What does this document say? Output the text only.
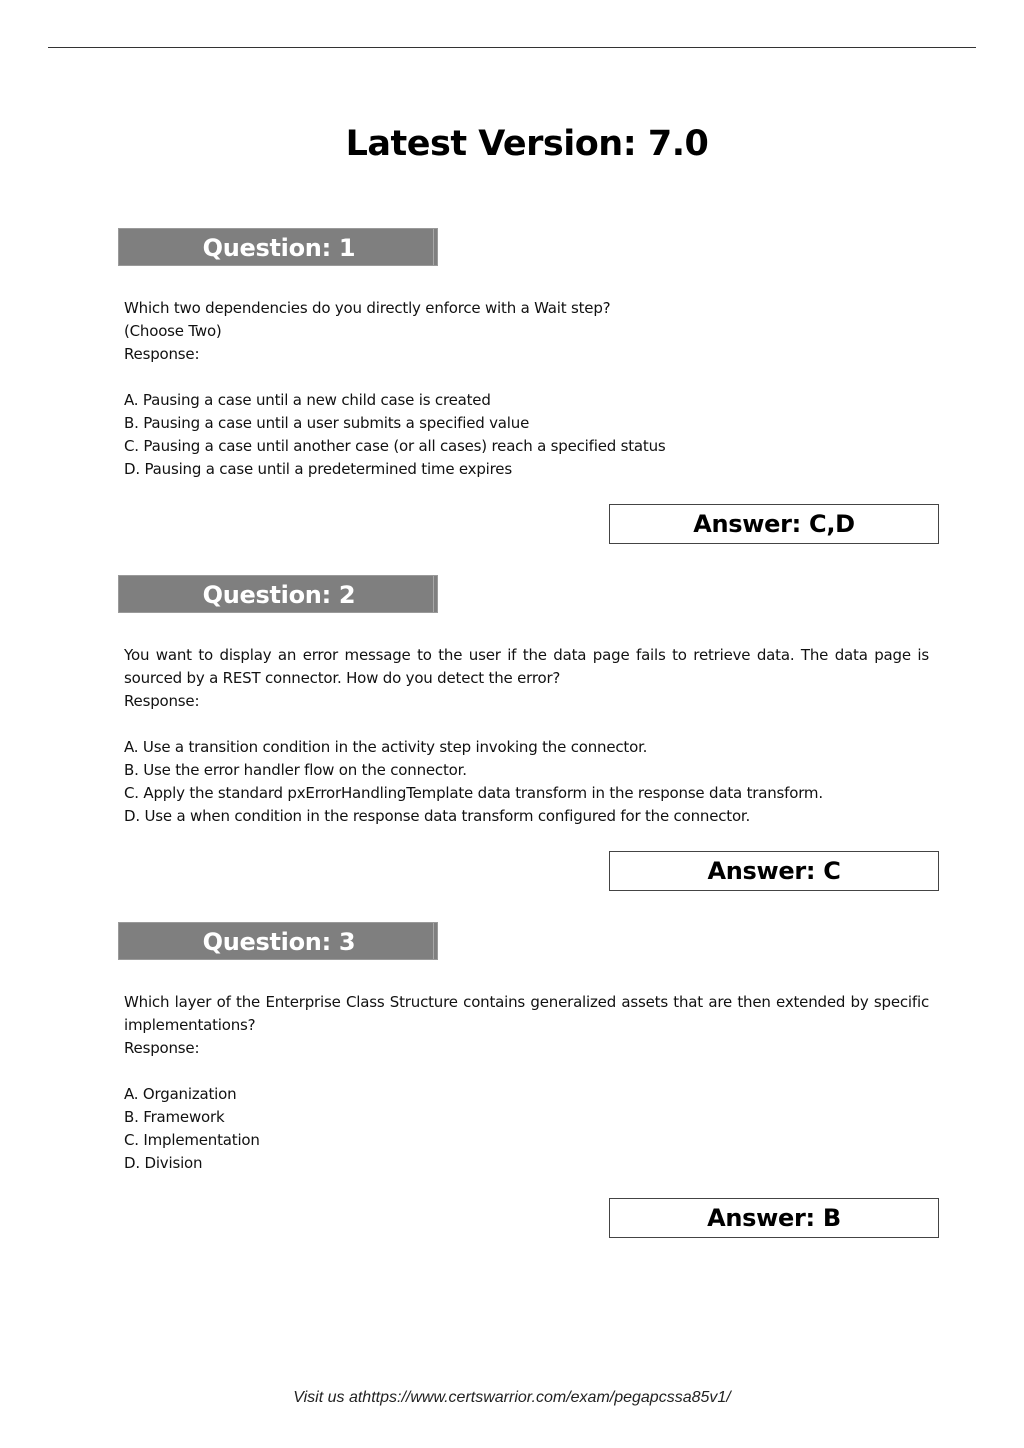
Latest Version: 7.0
Question: 1

Which two dependencies do you directly enforce with a Wait step?

(Choose Two)

Response:

A. Pausing a case until a new child case is created

B. Pausing a case until a user submits a specified value

C. Pausing a case until another case (or all cases) reach a specified status

D. Pausing a case until a predetermined time expires

Answer: C,D
Question: 2

You want to display an error message to the user if the data page fails to retrieve data. The data page is sourced by a REST connector. How do you detect the error?

Response:

A. Use a transition condition in the activity step invoking the connector.

B. Use the error handler flow on the connector.

C. Apply the standard pxErrorHandlingTemplate data transform in the response data transform.

D. Use a when condition in the response data transform configured for the connector.

Answer: C
Question: 3

Which layer of the Enterprise Class Structure contains generalized assets that are then extended by specific implementations?

Response:

A. Organization

B. Framework

C. Implementation

D. Division

Answer: B
Visit us athttps://www.certswarrior.com/exam/pegapcssa85v1/
